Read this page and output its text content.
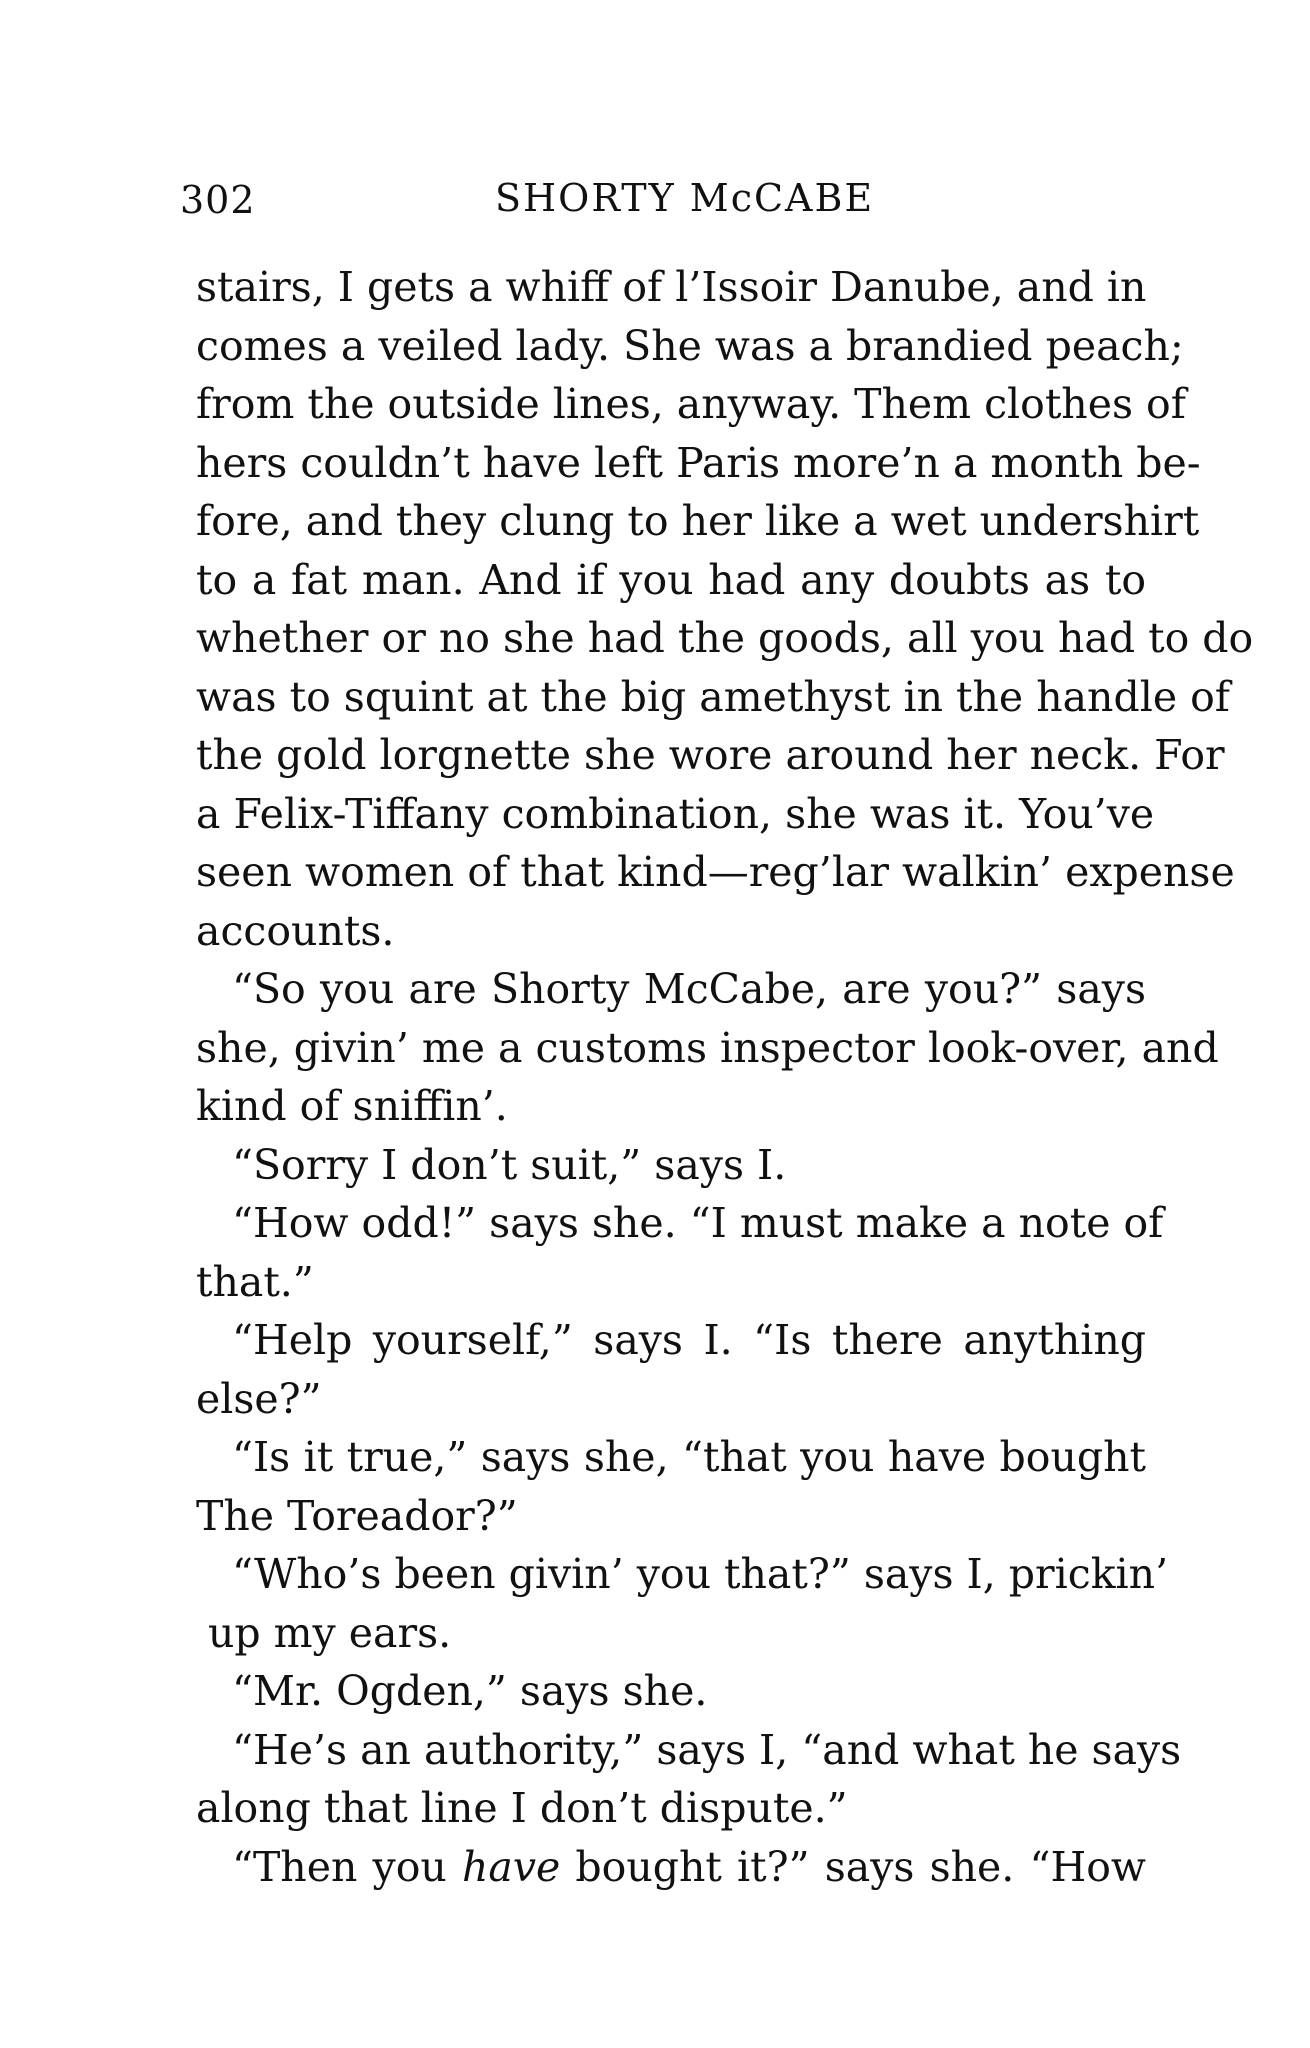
302	SHORTY McCABE
stairs, I gets a whiff of l’Issoir Danube, and in
comes a veiled lady. She was a brandied peach;
from the outside lines, anyway. Them clothes of
hers couldn’t have left Paris more’n a month be-
fore, and they clung to her like a wet undershirt
to a fat man. And if you had any doubts as to
whether or no she had the goods, all you had to do
was to squint at the big amethyst in the handle of
the gold lorgnette she wore around her neck. For
a Felix-Tiffany combination, she was it. You’ve
seen women of that kind—reg’lar walkin’ expense
accounts.
“So you are Shorty McCabe, are you?” says
she, givin’ me a customs inspector look-over, and
kind of sniffin’.
“Sorry I don’t suit,” says I.
“How odd!” says she. “I must make a note of
that.”
“Help yourself,” says I. “Is there anything
else?”
“Is it true,” says she, “that you have bought
The Toreador?”
“Who’s been givin’ you that?” says I, prickin’
up my ears.
“Mr. Ogden,” says she.
“He’s an authority,” says I, “and what he says
along that line I don’t dispute.”
“Then you have bought it?” says she. “How
